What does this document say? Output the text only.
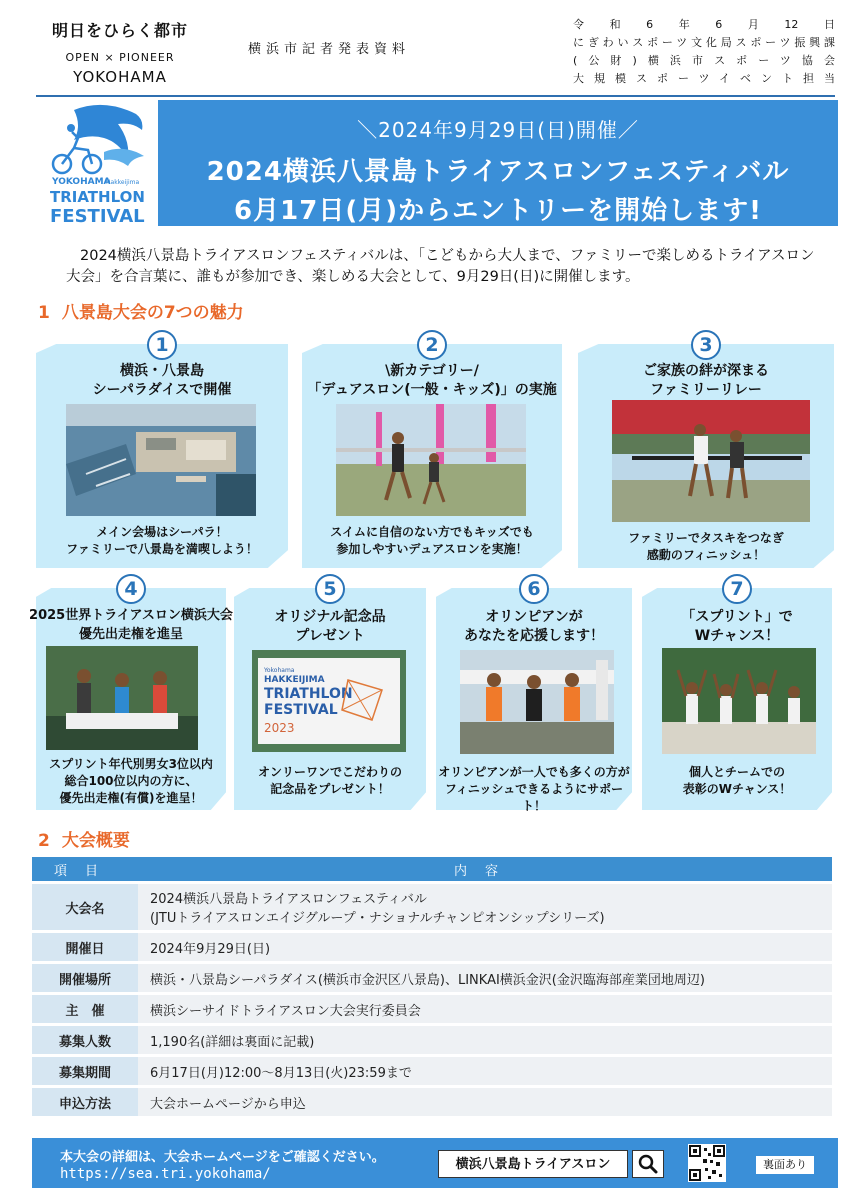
明日をひらく都市
OPEN × PIONEER
YOKOHAMA
横浜市記者発表資料
令和6年6月12日
にぎわいスポーツ文化局スポーツ振興課
(公財)横浜市スポーツ協会
大規模スポーツイベント担当
YOKOHAMA
Hakkeijima
TRIATHLON
FESTIVAL
＼2024年9月29日(日)開催／
2024横浜八景島トライアスロンフェスティバル
6月17日(月)からエントリーを開始します!
2024横浜八景島トライアスロンフェスティバルは、「こどもから大人まで、ファミリーで楽しめるトライアスロン大会」を合言葉に、誰もが参加でき、楽しめる大会として、9月29日(日)に開催します。
1 八景島大会の7つの魅力
1
横浜・八景島
シーパラダイスで開催
メイン会場はシーパラ！
ファミリーで八景島を満喫しよう！
2
\新カテゴリー/
「デュアスロン(一般・キッズ)」の実施
スイムに自信のない方でもキッズでも
参加しやすいデュアスロンを実施！
3
ご家族の絆が深まる
ファミリーリレー
ファミリーでタスキをつなぎ
感動のフィニッシュ！
4
2025世界トライアスロン横浜大会
優先出走権を進呈
スプリント年代別男女3位以内
総合100位以内の方に、
優先出走権(有償)を進呈！
5
オリジナル記念品
プレゼント
Yokohama
HAKKEIJIMA
TRIATHLON
FESTIVAL
2023
オンリーワンでこだわりの
記念品をプレゼント！
6
オリンピアンが
あなたを応援します！
オリンピアンが一人でも多くの方が
フィニッシュできるようにサポート！
7
「スプリント」で
Wチャンス！
個人とチームでの
表彰のWチャンス！
2 大会概要
項目	内容
大会名	2024横浜八景島トライアスロンフェスティバル
(JTUトライアスロンエイジグループ・ナショナルチャンピオンシップシリーズ)

開催日	2024年9月29日(日)
開催場所	横浜・八景島シーパラダイス(横浜市金沢区八景島)、LINKAI横浜金沢(金沢臨海部産業団地周辺)
主　催	横浜シーサイドトライアスロン大会実行委員会
募集人数	1,190名(詳細は裏面に記載)
募集期間	6月17日(月)12:00～8月13日(火)23:59まで
申込方法	大会ホームページから申込
本大会の詳細は、大会ホームページをご確認ください。
https://sea.tri.yokohama/
横浜八景島トライアスロン	裏面あり
